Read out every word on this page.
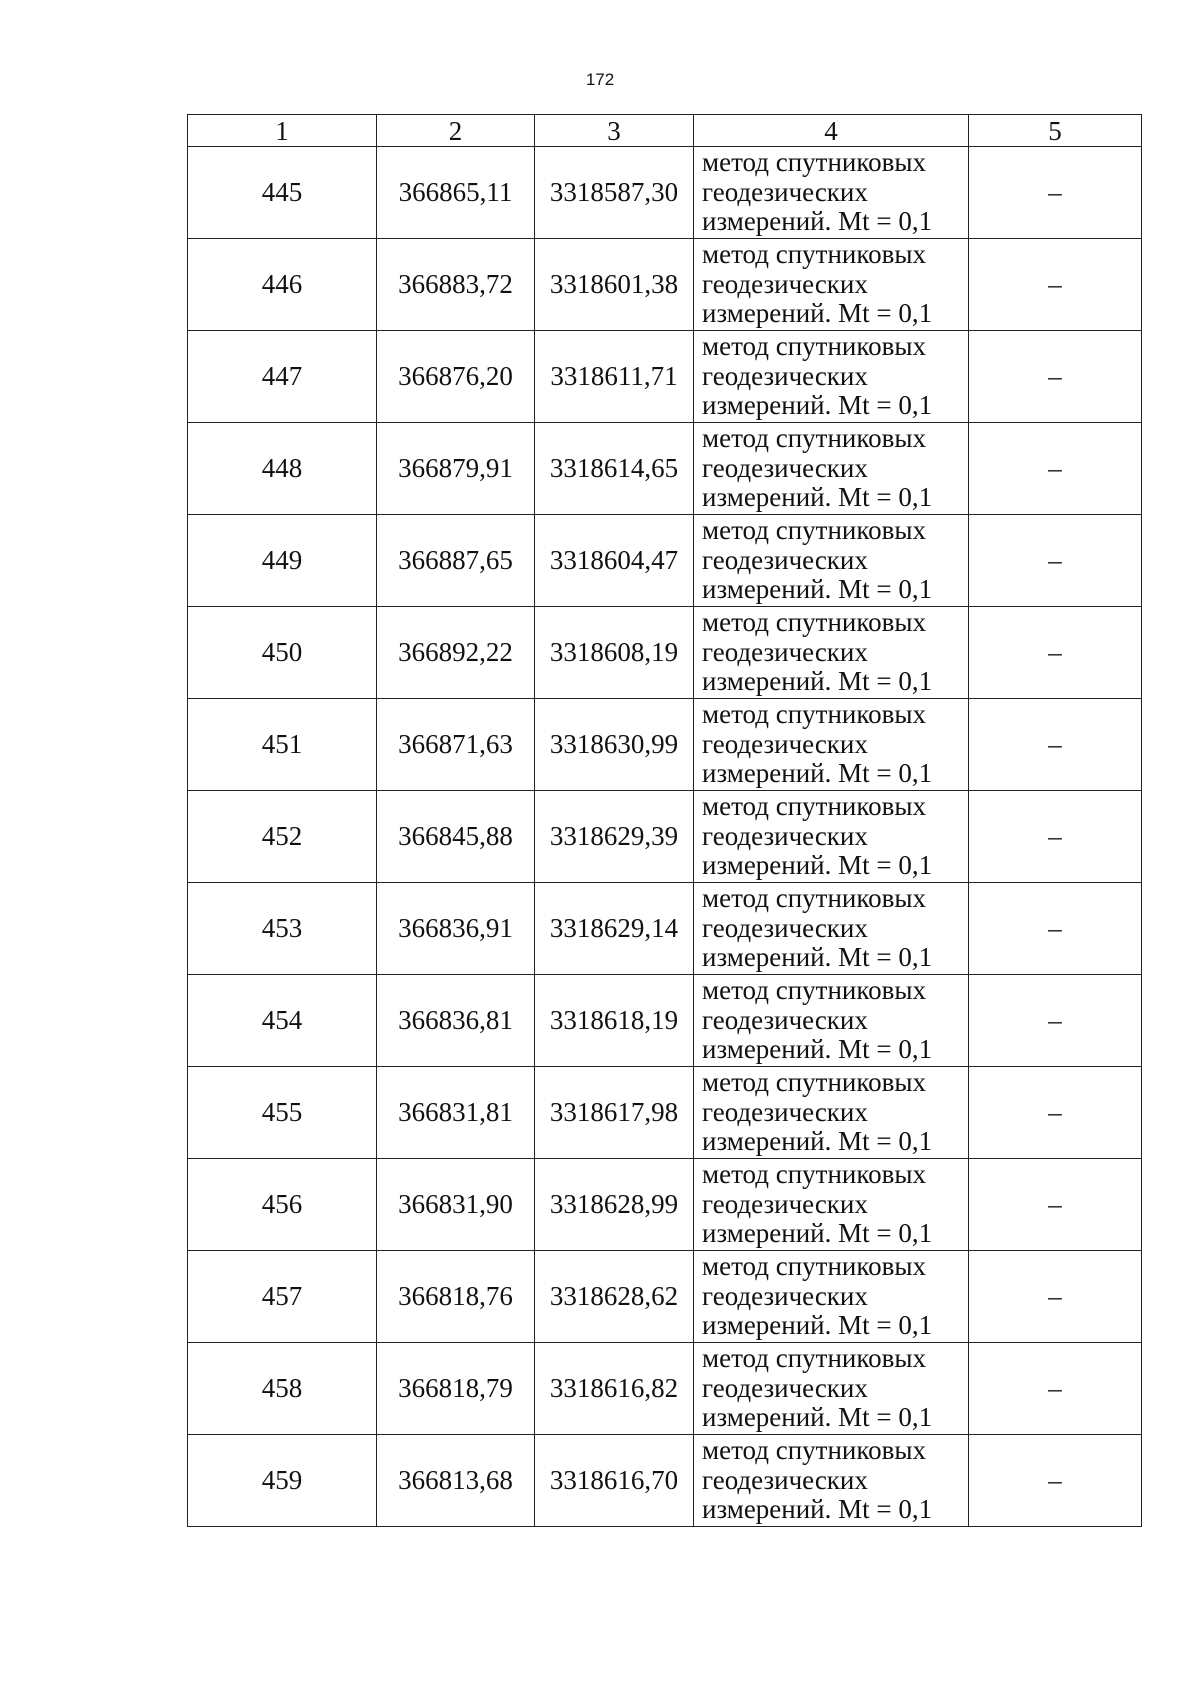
172
1	2	3	4	5
445	366865,11	3318587,30	метод спутниковых
геодезических
измерений. Mt = 0,1	–
446	366883,72	3318601,38	метод спутниковых
геодезических
измерений. Mt = 0,1	–
447	366876,20	3318611,71	метод спутниковых
геодезических
измерений. Mt = 0,1	–
448	366879,91	3318614,65	метод спутниковых
геодезических
измерений. Mt = 0,1	–
449	366887,65	3318604,47	метод спутниковых
геодезических
измерений. Mt = 0,1	–
450	366892,22	3318608,19	метод спутниковых
геодезических
измерений. Mt = 0,1	–
451	366871,63	3318630,99	метод спутниковых
геодезических
измерений. Mt = 0,1	–
452	366845,88	3318629,39	метод спутниковых
геодезических
измерений. Mt = 0,1	–
453	366836,91	3318629,14	метод спутниковых
геодезических
измерений. Mt = 0,1	–
454	366836,81	3318618,19	метод спутниковых
геодезических
измерений. Mt = 0,1	–
455	366831,81	3318617,98	метод спутниковых
геодезических
измерений. Mt = 0,1	–
456	366831,90	3318628,99	метод спутниковых
геодезических
измерений. Mt = 0,1	–
457	366818,76	3318628,62	метод спутниковых
геодезических
измерений. Mt = 0,1	–
458	366818,79	3318616,82	метод спутниковых
геодезических
измерений. Mt = 0,1	–
459	366813,68	3318616,70	метод спутниковых
геодезических
измерений. Mt = 0,1	–
